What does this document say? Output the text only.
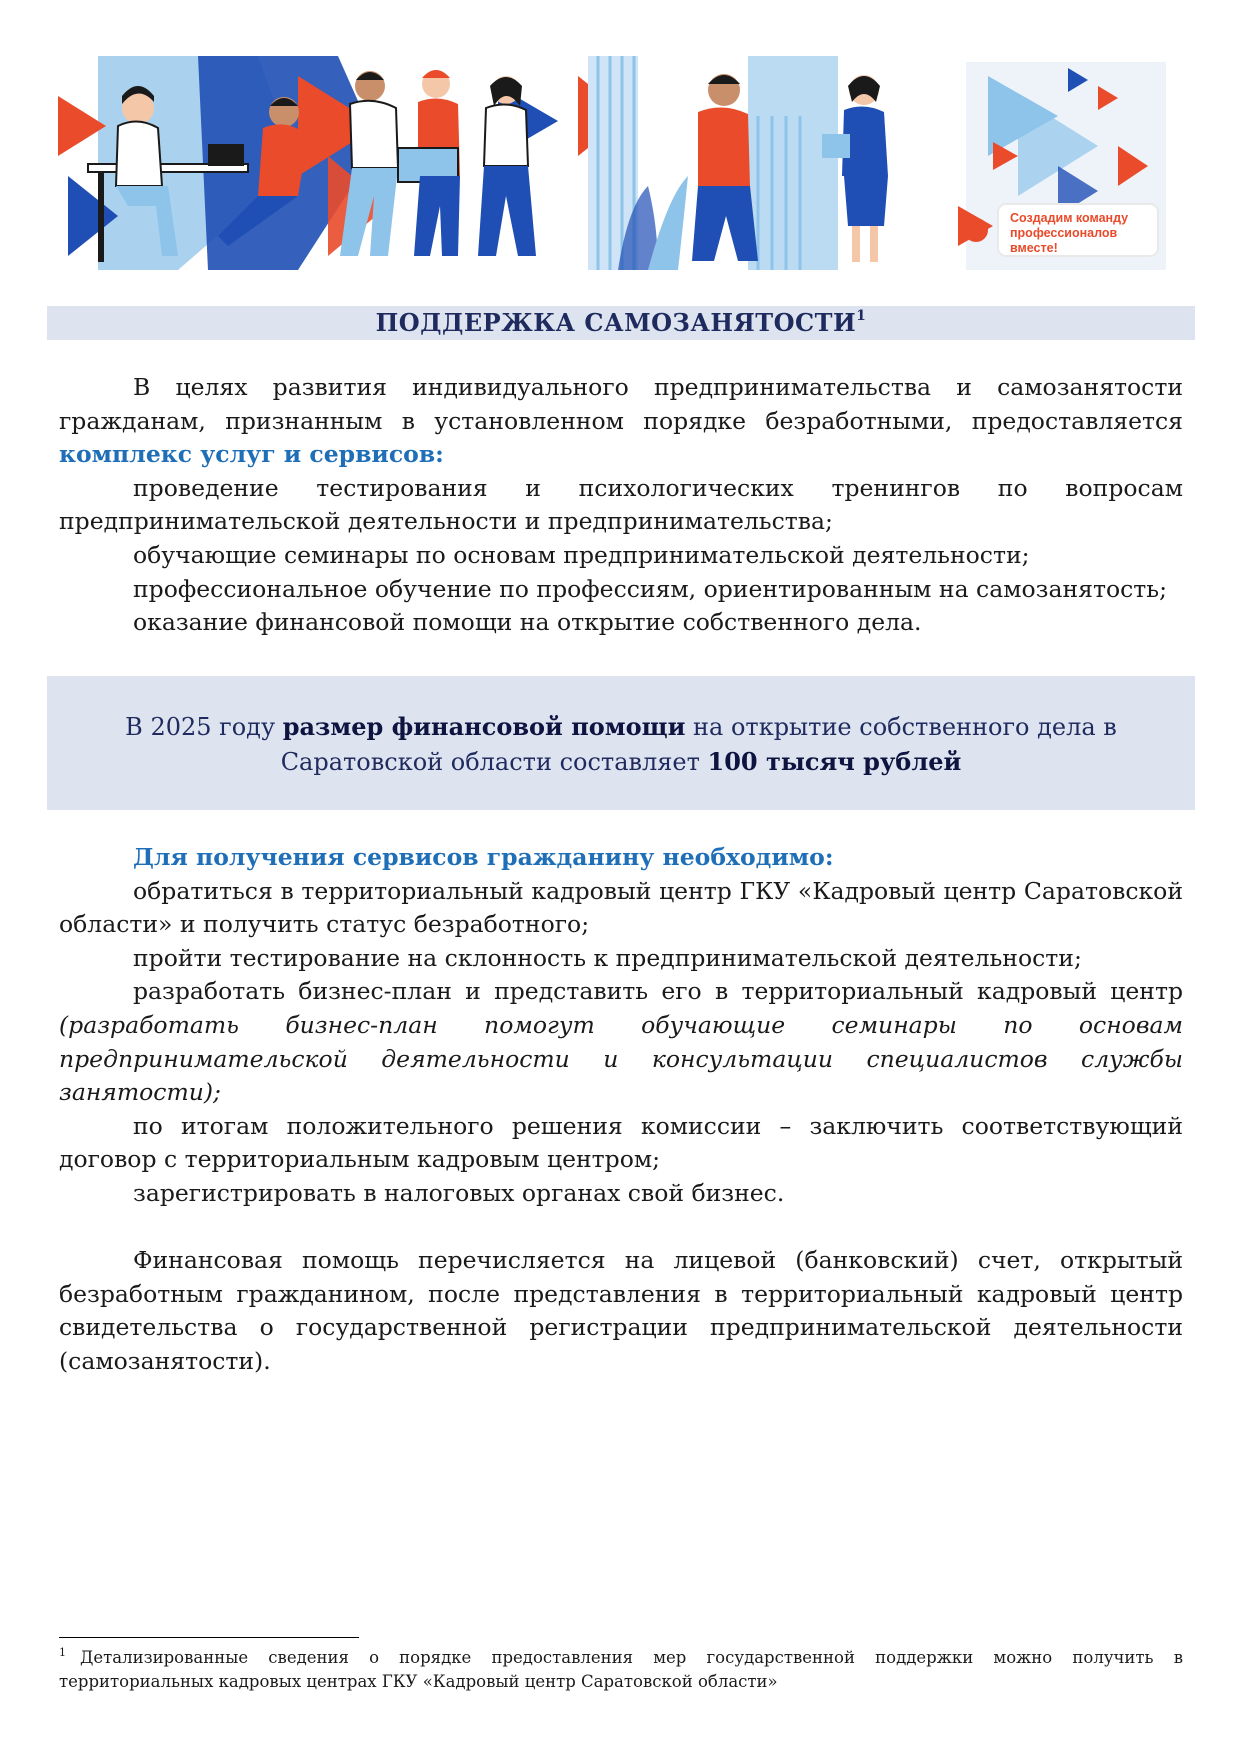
Создадим команду
профессионалов
вместе!
ПОДДЕРЖКА САМОЗАНЯТОСТИ$^1$

В целях развития индивидуального предпринимательства и самозанятости гражданам, признанным в установленном порядке безработными, предоставляется комплекс услуг и сервисов:

проведение тестирования и психологических тренингов по вопросам предпринимательской деятельности и предпринимательства;

обучающие семинары по основам предпринимательской деятельности;

профессиональное обучение по профессиям, ориентированным на самозанятость;

оказание финансовой помощи на открытие собственного дела.

В 2025 году размер финансовой помощи на открытие собственного дела в Саратовской области составляет 100 тысяч рублей

Для получения сервисов гражданину необходимо:

обратиться в территориальный кадровый центр ГКУ «Кадровый центр Саратовской области» и получить статус безработного;

пройти тестирование на склонность к предпринимательской деятельности;

разработать бизнес-план и представить его в территориальный кадровый центр (разработать бизнес-план помогут обучающие семинары по основам предпринимательской деятельности и консультации специалистов службы занятости);

по итогам положительного решения комиссии – заключить соответствующий договор с территориальным кадровым центром;

зарегистрировать в налоговых органах свой бизнес.

Финансовая помощь перечисляется на лицевой (банковский) счет, открытый безработным гражданином, после представления в территориальный кадровый центр свидетельства о государственной регистрации предпринимательской деятельности (самозанятости).

$^1$ Детализированные сведения о порядке предоставления мер государственной поддержки можно получить в территориальных кадровых центрах ГКУ «Кадровый центр Саратовской области»
